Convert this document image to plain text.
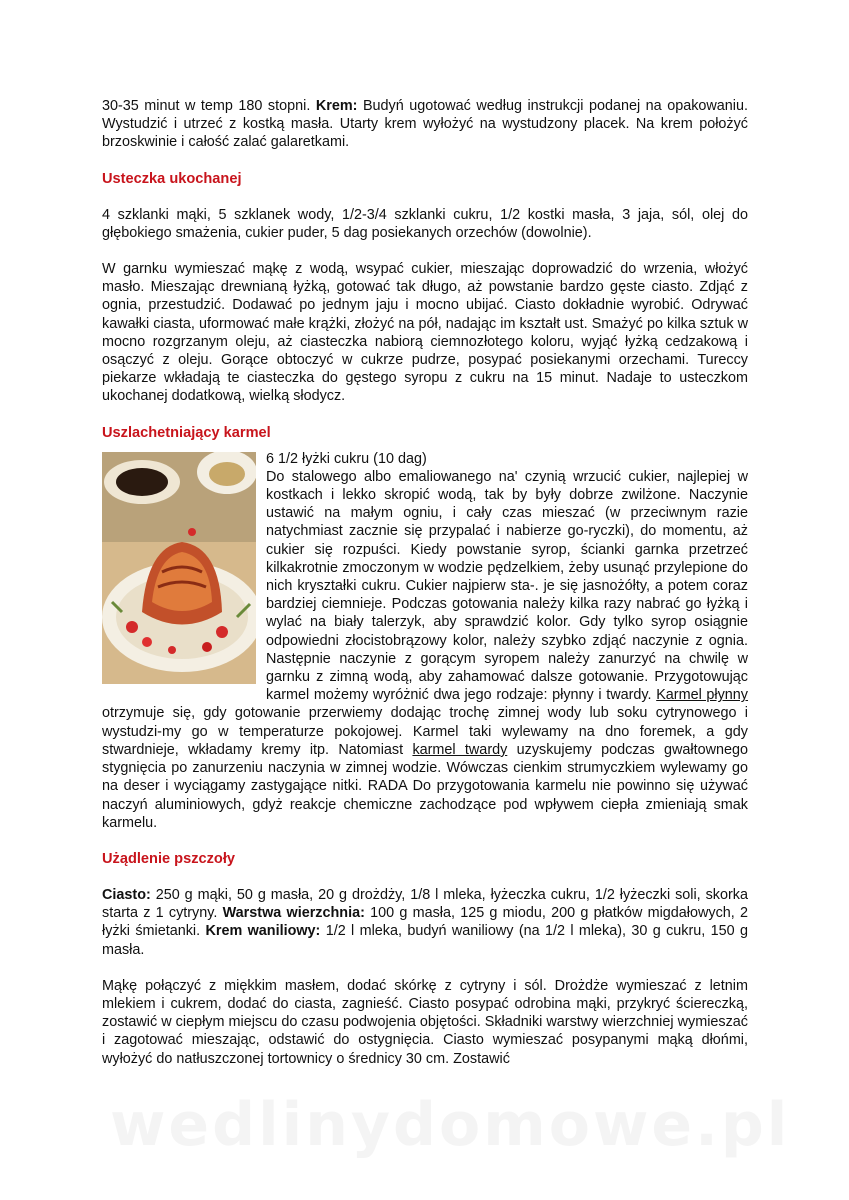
30-35 minut w temp 180 stopni. Krem: Budyń ugotować według instrukcji podanej na opakowaniu. Wystudzić i utrzeć z kostką masła. Utarty krem wyłożyć na wystudzony placek. Na krem położyć brzoskwinie i całość zalać galaretkami.

Usteczka ukochanej

4 szklanki mąki, 5 szklanek wody, 1/2-3/4 szklanki cukru, 1/2 kostki masła, 3 jaja, sól, olej do głębokiego smażenia, cukier puder, 5 dag posiekanych orzechów (dowolnie).

W garnku wymieszać mąkę z wodą, wsypać cukier, mieszając doprowadzić do wrzenia, włożyć masło. Mieszając drewnianą łyżką, gotować tak długo, aż powstanie bardzo gęste ciasto. Zdjąć z ognia, przestudzić. Dodawać po jednym jaju i mocno ubijać. Ciasto dokładnie wyrobić. Odrywać kawałki ciasta, uformować małe krążki, złożyć na pół, nadając im kształt ust. Smażyć po kilka sztuk w mocno rozgrzanym oleju, aż ciasteczka nabiorą ciemnozłotego koloru, wyjąć łyżką cedzakową i osączyć z oleju. Gorące obtoczyć w cukrze pudrze, posypać posiekanymi orzechami. Tureccy piekarze wkładają te ciasteczka do gęstego syropu z cukru na 15 minut. Nadaje to usteczkom ukochanej dodatkową, wielką słodycz.

Uszlachetniający karmel

6 1/2 łyżki cukru (10 dag)

Do stalowego albo emaliowanego na' czynią wrzucić cukier, najlepiej w kostkach i lekko skropić wodą, tak by były dobrze zwilżone. Naczynie ustawić na małym ogniu, i cały czas mieszać (w przeciwnym razie natychmiast zacznie się przypalać i nabierze go-ryczki), do momentu, aż cukier się rozpuści. Kiedy powstanie syrop, ścianki garnka przetrzeć kilkakrotnie zmoczonym w wodzie pędzelkiem, żeby usunąć przylepione do nich kryształki cukru. Cukier najpierw sta-. je się jasnożółty, a potem coraz bardziej ciemnieje. Podczas gotowania należy kilka razy nabrać go łyżką i wylać na biały talerzyk, aby sprawdzić kolor. Gdy tylko syrop osiągnie odpowiedni złocistobrązowy kolor, należy szybko zdjąć naczynie z ognia. Następnie naczynie z gorącym syropem należy zanurzyć na chwilę w garnku z zimną wodą, aby zahamować dalsze gotowanie. Przygotowując karmel możemy wyróżnić dwa jego rodzaje: płynny i twardy. Karmel płynny otrzymuje się, gdy gotowanie przerwiemy dodając trochę zimnej wody lub soku cytrynowego i wystudzi-my go w temperaturze pokojowej. Karmel taki wylewamy na dno foremek, a gdy stwardnieje, wkładamy kremy itp. Natomiast karmel twardy uzyskujemy podczas gwałtownego stygnięcia po zanurzeniu naczynia w zimnej wodzie. Wówczas cienkim strumyczkiem wylewamy go na deser i wyciągamy zastygające nitki. RADA Do przygotowania karmelu nie powinno się używać naczyń aluminiowych, gdyż reakcje chemiczne zachodzące pod wpływem ciepła zmieniają smak karmelu.

Użądlenie pszczoły

Ciasto: 250 g mąki, 50 g masła, 20 g drożdży, 1/8 l mleka, łyżeczka cukru, 1/2 łyżeczki soli, skorka starta z 1 cytryny. Warstwa wierzchnia: 100 g masła, 125 g miodu, 200 g płatków migdałowych, 2 łyżki śmietanki. Krem waniliowy: 1/2 l mleka, budyń waniliowy (na 1/2 l mleka), 30 g cukru, 150 g masła.

Mąkę połączyć z miękkim masłem, dodać skórkę z cytryny i sól. Drożdże wymieszać z letnim mlekiem i cukrem, dodać do ciasta, zagnieść. Ciasto posypać odrobina mąki, przykryć ściereczką, zostawić w ciepłym miejscu do czasu podwojenia objętości. Składniki warstwy wierzchniej wymieszać i zagotować mieszając, odstawić do ostygnięcia. Ciasto wymieszać posypanymi mąką dłońmi, wyłożyć do natłuszczonej tortownicy o średnicy 30 cm. Zostawić

wedlinydomowe.pl
